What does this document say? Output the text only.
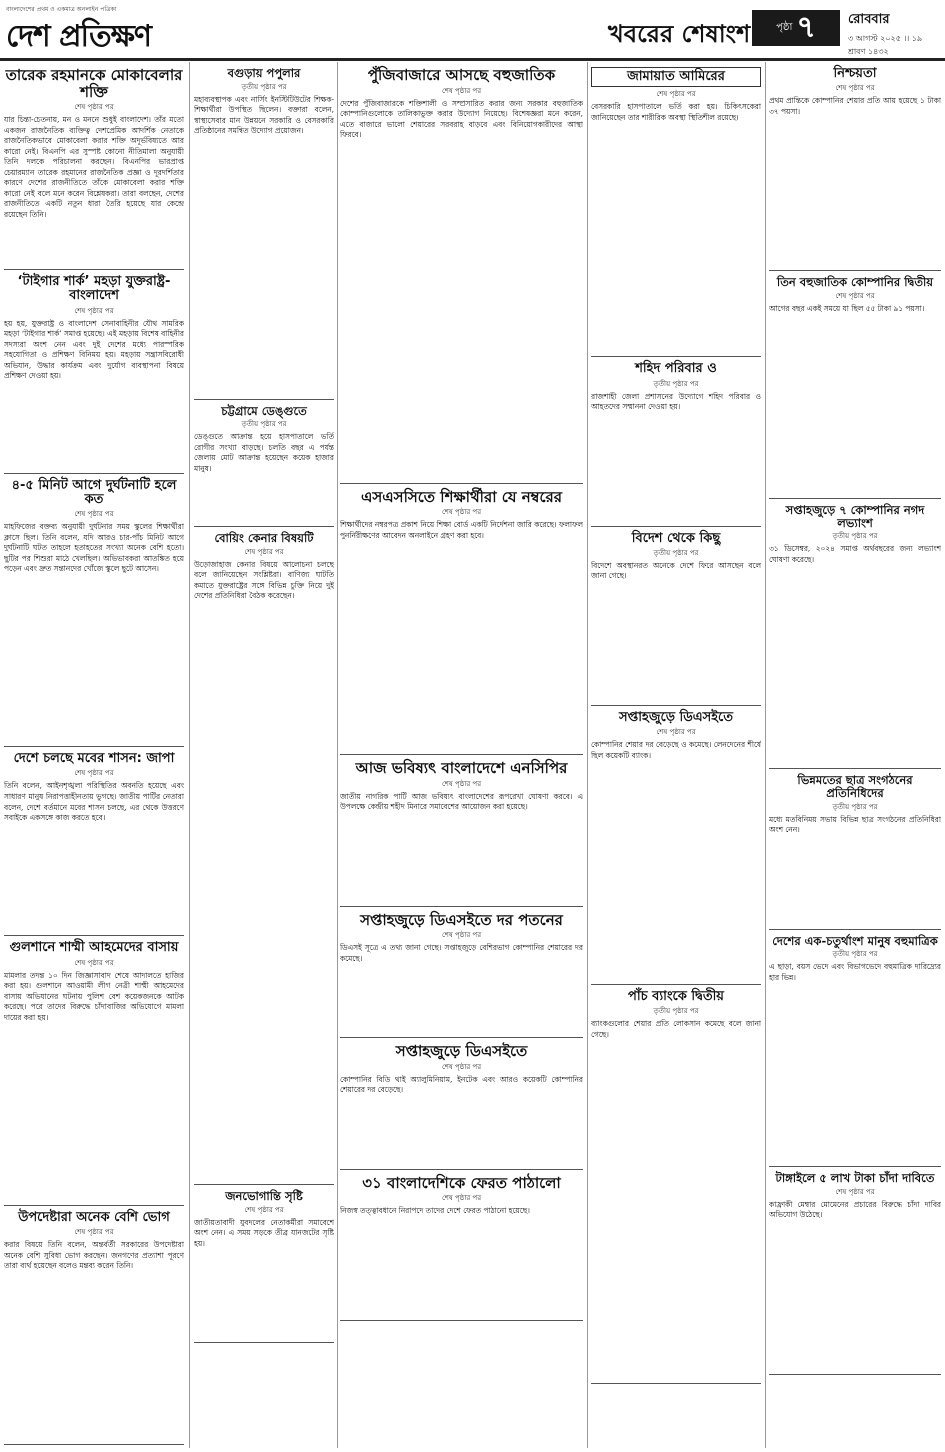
বাংলাদেশের প্রথম ও একমাত্র অনলাইন পত্রিকা
দেশ প্রতিক্ষণ	খবরের শেষাংশ	পৃষ্ঠা ৭ রোববার
৩ আগস্ট ২০২৫ ।। ১৯ শ্রাবণ ১৪৩২
তারেক রহমানকে মোকাবেলার শক্তি
শেষ পৃষ্ঠার পর

যার চিন্তা-চেতনায়, মন ও মননে শুধুই বাংলাদেশ। তাঁর মতো একজন রাজনৈতিক ব্যক্তিত্ব দেশপ্রেমিক আদর্শিক নেতাকে রাজনৈতিকভাবে মোকাবেলা করার শক্তি অদূর্ভবিষ্যতে আর কারো নেই। বিএনপি এর সুস্পষ্ট কোনো নীতিমালা অনুযায়ী তিনি দলকে পরিচালনা করছেন। বিএনপির ভারপ্রাপ্ত চেয়ারম্যান তারেক রহমানের রাজনৈতিক প্রজ্ঞা ও দূরদর্শিতার কারণে দেশের রাজনীতিতে তাঁকে মোকাবেলা করার শক্তি কারো নেই বলে মনে করেন বিশ্লেষকরা। তারা বলছেন, দেশের রাজনীতিতে একটি নতুন ধারা তৈরি হয়েছে যার কেন্দ্রে রয়েছেন তিনি।

‘টাইগার শার্ক’ মহড়া যুক্তরাষ্ট্র-বাংলাদেশ
শেষ পৃষ্ঠার পর

হয় হয়, যুক্তরাষ্ট্র ও বাংলাদেশ সেনাবাহিনীর যৌথ সামরিক মহড়া ‘টাইগার শার্ক’ সমাপ্ত হয়েছে। এই মহড়ায় বিশেষ বাহিনীর সদস্যরা অংশ নেন এবং দুই দেশের মধ্যে পারস্পরিক সহযোগিতা ও প্রশিক্ষণ বিনিময় হয়। মহড়ায় সন্ত্রাসবিরোধী অভিযান, উদ্ধার কার্যক্রম এবং দুর্যোগ ব্যবস্থাপনা বিষয়ে প্রশিক্ষণ দেওয়া হয়।

৪-৫ মিনিট আগে দুর্ঘটনাটি হলে কত
শেষ পৃষ্ঠার পর

মাহফিজের বক্তব্য অনুযায়ী দুর্ঘটনার সময় স্কুলের শিক্ষার্থীরা ক্লাসে ছিল। তিনি বলেন, যদি আরও চার-পাঁচ মিনিট আগে দুর্ঘটনাটি ঘটত তাহলে হতাহতের সংখ্যা অনেক বেশি হতো। ছুটির পর শিশুরা মাঠে খেলছিল। অভিভাবকরা আতঙ্কিত হয়ে পড়েন এবং দ্রুত সন্তানদের খোঁজে স্কুলে ছুটে আসেন।

দেশে চলছে মবের শাসন: জাপা
শেষ পৃষ্ঠার পর

তিনি বলেন, আইনশৃঙ্খলা পরিস্থিতির অবনতি হয়েছে এবং সাধারণ মানুষ নিরাপত্তাহীনতায় ভুগছে। জাতীয় পার্টির নেতারা বলেন, দেশে বর্তমানে মবের শাসন চলছে, এর থেকে উত্তরণে সবাইকে একসঙ্গে কাজ করতে হবে।

গুলশানে শাম্মী আহমেদের বাসায়
শেষ পৃষ্ঠার পর

মামলার তদন্ত ১০ দিন জিজ্ঞাসাবাদ শেষে আদালতে হাজির করা হয়। গুলশানে আওয়ামী লীগ নেত্রী শাম্মী আহমেদের বাসায় অভিযানের ঘটনায় পুলিশ বেশ কয়েকজনকে আটক করেছে। পরে তাদের বিরুদ্ধে চাঁদাবাজির অভিযোগে মামলা দায়ের করা হয়।

উপদেষ্টারা অনেক বেশি ভোগ
শেষ পৃষ্ঠার পর

করার বিষয়ে তিনি বলেন, অন্তর্বর্তী সরকারের উপদেষ্টারা অনেক বেশি সুবিধা ভোগ করছেন। জনগণের প্রত্যাশা পূরণে তারা ব্যর্থ হয়েছেন বলেও মন্তব্য করেন তিনি।

বগুড়ায় পপুলার
তৃতীয় পৃষ্ঠার পর

মহাব্যবস্থাপক এবং নার্সিং ইনস্টিটিউটের শিক্ষক-শিক্ষার্থীরা উপস্থিত ছিলেন। বক্তারা বলেন, স্বাস্থ্যসেবার মান উন্নয়নে সরকারি ও বেসরকারি প্রতিষ্ঠানের সমন্বিত উদ্যোগ প্রয়োজন।

চট্টগ্রামে ডেঙ্গুতে
তৃতীয় পৃষ্ঠার পর

ডেঙ্গুতে আক্রান্ত হয়ে হাসপাতালে ভর্তি রোগীর সংখ্যা বাড়ছে। চলতি বছর এ পর্যন্ত জেলায় মোট আক্রান্ত হয়েছেন কয়েক হাজার মানুষ।

বোয়িং কেনার বিষয়টি
শেষ পৃষ্ঠার পর

উড়োজাহাজ কেনার বিষয়ে আলোচনা চলছে বলে জানিয়েছেন সংশ্লিষ্টরা। বাণিজ্য ঘাটতি কমাতে যুক্তরাষ্ট্রের সঙ্গে বিভিন্ন চুক্তি নিয়ে দুই দেশের প্রতিনিধিরা বৈঠক করেছেন।

জনভোগান্তি সৃষ্টি
শেষ পৃষ্ঠার পর

জাতীয়তাবাদী যুবদলের নেতাকর্মীরা সমাবেশে অংশ নেন। এ সময় সড়কে তীব্র যানজটের সৃষ্টি হয়।

পুঁজিবাজারে আসছে বহুজাতিক
শেষ পৃষ্ঠার পর

দেশের পুঁজিবাজারকে শক্তিশালী ও সম্প্রসারিত করার জন্য সরকার বহুজাতিক কোম্পানিগুলোকে তালিকাভুক্ত করার উদ্যোগ নিয়েছে। বিশেষজ্ঞরা মনে করেন, এতে বাজারে ভালো শেয়ারের সরবরাহ বাড়বে এবং বিনিয়োগকারীদের আস্থা ফিরবে।

এসএসসিতে শিক্ষার্থীরা যে নম্বরের
শেষ পৃষ্ঠার পর

শিক্ষার্থীদের নম্বরপত্র প্রকাশ নিয়ে শিক্ষা বোর্ড একটি নির্দেশনা জারি করেছে। ফলাফল পুনর্নিরীক্ষণের আবেদন অনলাইনে গ্রহণ করা হবে।

আজ ভবিষ্যৎ বাংলাদেশে এনসিপির
শেষ পৃষ্ঠার পর

জাতীয় নাগরিক পার্টি আজ ভবিষ্যৎ বাংলাদেশের রূপরেখা ঘোষণা করবে। এ উপলক্ষে কেন্দ্রীয় শহীদ মিনারে সমাবেশের আয়োজন করা হয়েছে।

সপ্তাহজুড়ে ডিএসইতে দর পতনের
শেষ পৃষ্ঠার পর

ডিএসই সূত্রে এ তথ্য জানা গেছে। সপ্তাহজুড়ে বেশিরভাগ কোম্পানির শেয়ারের দর কমেছে।

সপ্তাহজুড়ে ডিএসইতে
শেষ পৃষ্ঠার পর

কোম্পানির বিডি থাই অ্যালুমিনিয়াম, ইনটেক এবং আরও কয়েকটি কোম্পানির শেয়ারের দর বেড়েছে।

৩১ বাংলাদেশিকে ফেরত পাঠালো
শেষ পৃষ্ঠার পর

নিজস্ব তত্ত্বাবধানে নিরাপদে তাদের দেশে ফেরত পাঠানো হয়েছে।

জামায়াত আমিরের
শেষ পৃষ্ঠার পর

বেসরকারি হাসপাতালে ভর্তি করা হয়। চিকিৎসকেরা জানিয়েছেন তার শারীরিক অবস্থা স্থিতিশীল রয়েছে।

শহিদ পরিবার ও
তৃতীয় পৃষ্ঠার পর

রাজশাহী জেলা প্রশাসনের উদ্যোগে শহিদ পরিবার ও আহতদের সম্মাননা দেওয়া হয়।

বিদেশ থেকে কিছু
তৃতীয় পৃষ্ঠার পর

বিদেশে অবস্থানরত অনেকে দেশে ফিরে আসছেন বলে জানা গেছে।

সপ্তাহজুড়ে ডিএসইতে
শেষ পৃষ্ঠার পর

কোম্পানির শেয়ার দর বেড়েছে ও কমেছে। লেনদেনের শীর্ষে ছিল কয়েকটি ব্যাংক।

পাঁচ ব্যাংকে দ্বিতীয়
তৃতীয় পৃষ্ঠার পর

ব্যাংকগুলোর শেয়ার প্রতি লোকসান কমেছে বলে জানা গেছে।

নিশ্চয়তা
শেষ পৃষ্ঠার পর

প্রথম প্রান্তিকে কোম্পানির শেয়ার প্রতি আয় হয়েছে ১ টাকা ৩৭ পয়সা।

তিন বহুজাতিক কোম্পানির দ্বিতীয়
শেষ পৃষ্ঠার পর

আগের বছর একই সময়ে যা ছিল ৫৫ টাকা ৯১ পয়সা।

সপ্তাহজুড়ে ৭ কোম্পানির নগদ লভ্যাংশ
তৃতীয় পৃষ্ঠার পর

৩১ ডিসেম্বর, ২০২৪ সমাপ্ত অর্থবছরের জন্য লভ্যাংশ ঘোষণা করেছে।

ভিন্নমতের ছাত্র সংগঠনের প্রতিনিধিদের
তৃতীয় পৃষ্ঠার পর

মধ্যে মতবিনিময় সভায় বিভিন্ন ছাত্র সংগঠনের প্রতিনিধিরা অংশ নেন।

দেশের এক-চতুর্থাংশ মানুষ বহুমাত্রিক
তৃতীয় পৃষ্ঠার পর

এ ছাড়া, বয়স ভেদে এবং বিভাগভেদে বহুমাত্রিক দারিদ্র্যের হার ভিন্ন।

টাঙ্গাইলে ৫ লাখ টাকা চাঁদা দাবিতে
শেষ পৃষ্ঠার পর

কাফ্রাকী মেম্বার মোমেনের প্রচারের বিরুদ্ধে চাঁদা দাবির অভিযোগ উঠেছে।
